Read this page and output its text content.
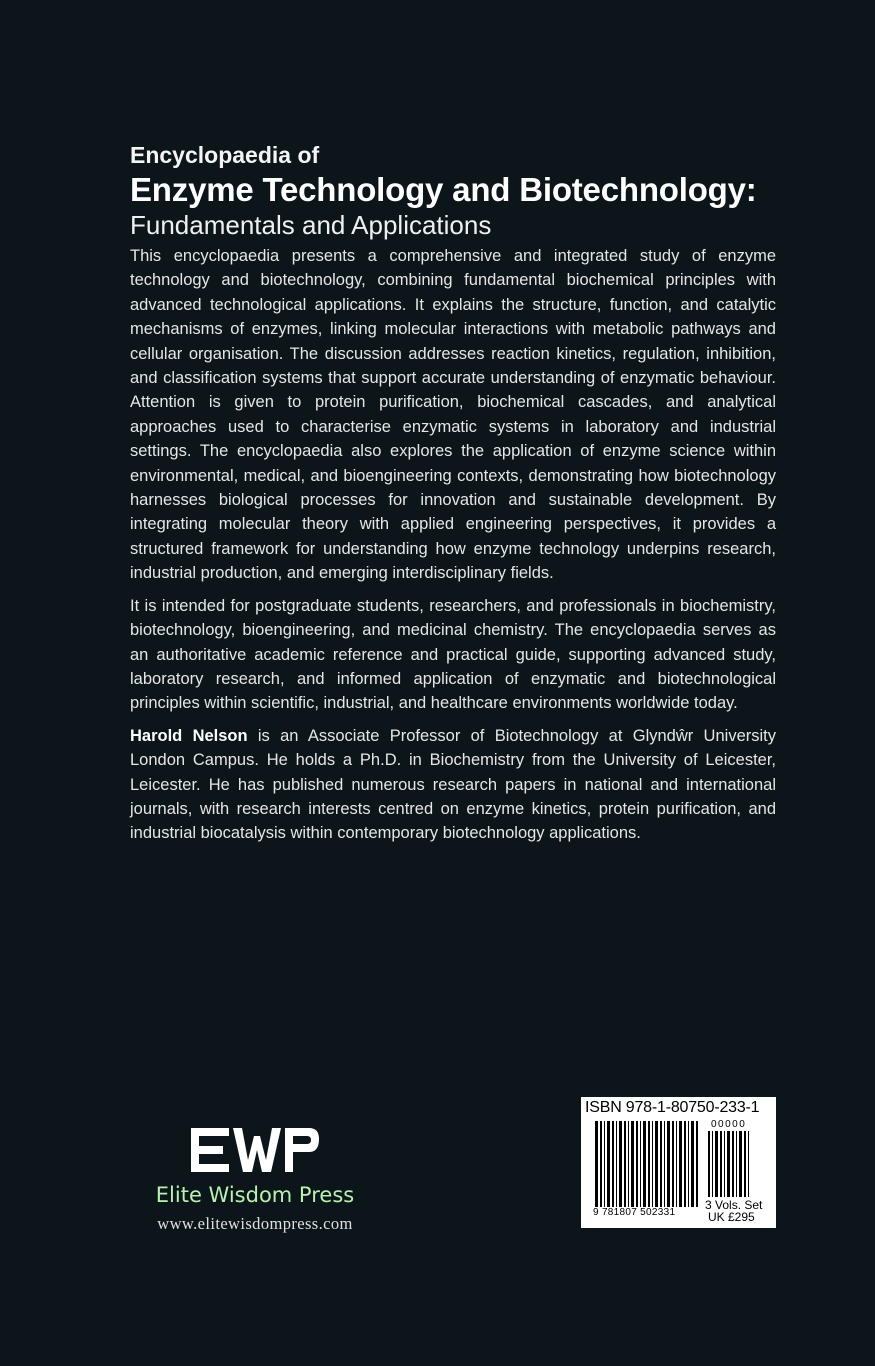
Encyclopaedia of

Enzyme Technology and Biotechnology:

Fundamentals and Applications

This encyclopaedia presents a comprehensive and integrated study of enzyme technology and biotechnology, combining fundamental biochemical principles with advanced technological applications. It explains the structure, function, and catalytic mechanisms of enzymes, linking molecular interactions with metabolic pathways and cellular organisation. The discussion addresses reaction kinetics, regulation, inhibition, and classification systems that support accurate understanding of enzymatic behaviour. Attention is given to protein purification, biochemical cascades, and analytical approaches used to characterise enzymatic systems in laboratory and industrial settings. The encyclopaedia also explores the application of enzyme science within environmental, medical, and bioengineering contexts, demonstrating how biotechnology harnesses biological processes for innovation and sustainable development. By integrating molecular theory with applied engineering perspectives, it provides a structured framework for understanding how enzyme technology underpins research, industrial production, and emerging interdisciplinary fields.

It is intended for postgraduate students, researchers, and professionals in biochemistry, biotechnology, bioengineering, and medicinal chemistry. The encyclopaedia serves as an authoritative academic reference and practical guide, supporting advanced study, laboratory research, and informed application of enzymatic and biotechnological principles within scientific, industrial, and healthcare environments worldwide today.

Harold Nelson is an Associate Professor of Biotechnology at Glyndŵr University London Campus. He holds a Ph.D. in Biochemistry from the University of Leicester, Leicester. He has published numerous research papers in national and international journals, with research interests centred on enzyme kinetics, protein purification, and industrial biocatalysis within contemporary biotechnology applications.

Elite Wisdom Press
www.elitewisdompress.com
ISBN 978-1-80750-233-1
00000
9 781807 502331
3 Vols. Set
UK £295
